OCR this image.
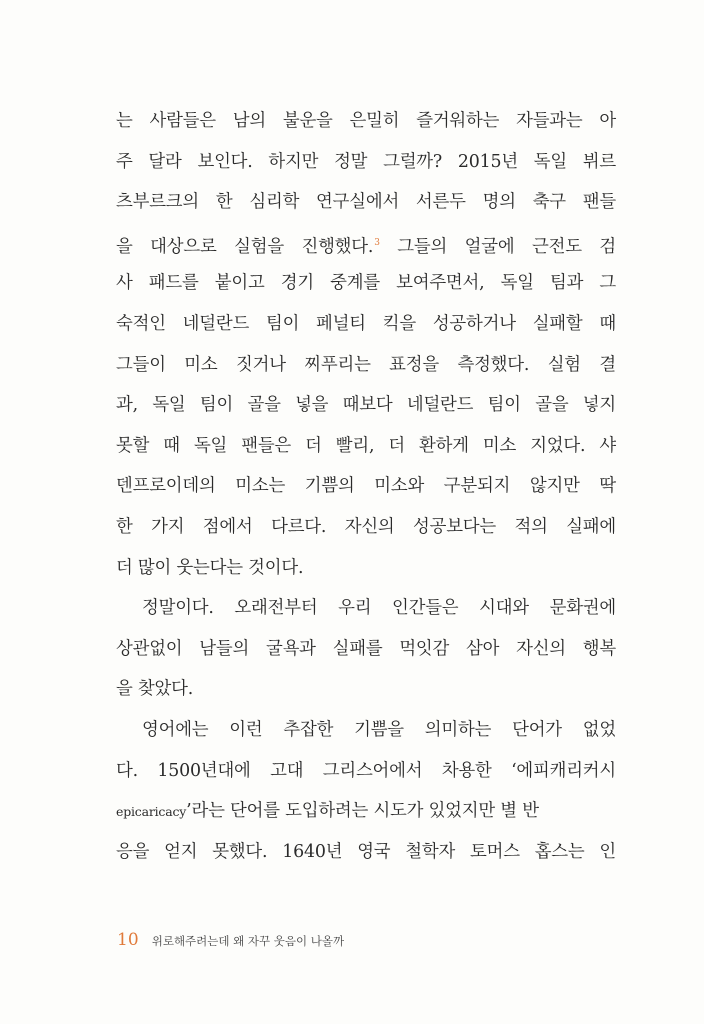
는 사람들은 남의 불운을 은밀히 즐거워하는 자들과는 아
주 달라 보인다. 하지만 정말 그럴까? 2015년 독일 뷔르
츠부르크의 한 심리학 연구실에서 서른두 명의 축구 팬들
을 대상으로 실험을 진행했다.$^3$ 그들의 얼굴에 근전도 검
사 패드를 붙이고 경기 중계를 보여주면서, 독일 팀과 그
숙적인 네덜란드 팀이 페널티 킥을 성공하거나 실패할 때
그들이 미소 짓거나 찌푸리는 표정을 측정했다. 실험 결
과, 독일 팀이 골을 넣을 때보다 네덜란드 팀이 골을 넣지
못할 때 독일 팬들은 더 빨리, 더 환하게 미소 지었다. 샤
덴프로이데의 미소는 기쁨의 미소와 구분되지 않지만 딱
한 가지 점에서 다르다. 자신의 성공보다는 적의 실패에
더 많이 웃는다는 것이다.
정말이다. 오래전부터 우리 인간들은 시대와 문화권에
상관없이 남들의 굴욕과 실패를 먹잇감 삼아 자신의 행복
을 찾았다.
영어에는 이런 추잡한 기쁨을 의미하는 단어가 없었
다. 1500년대에 고대 그리스어에서 차용한 ‘에피캐리커시
epicaricacy’라는 단어를 도입하려는 시도가 있었지만 별 반
응을 얻지 못했다. 1640년 영국 철학자 토머스 홉스는 인
10 위로해주려는데 왜 자꾸 웃음이 나올까
